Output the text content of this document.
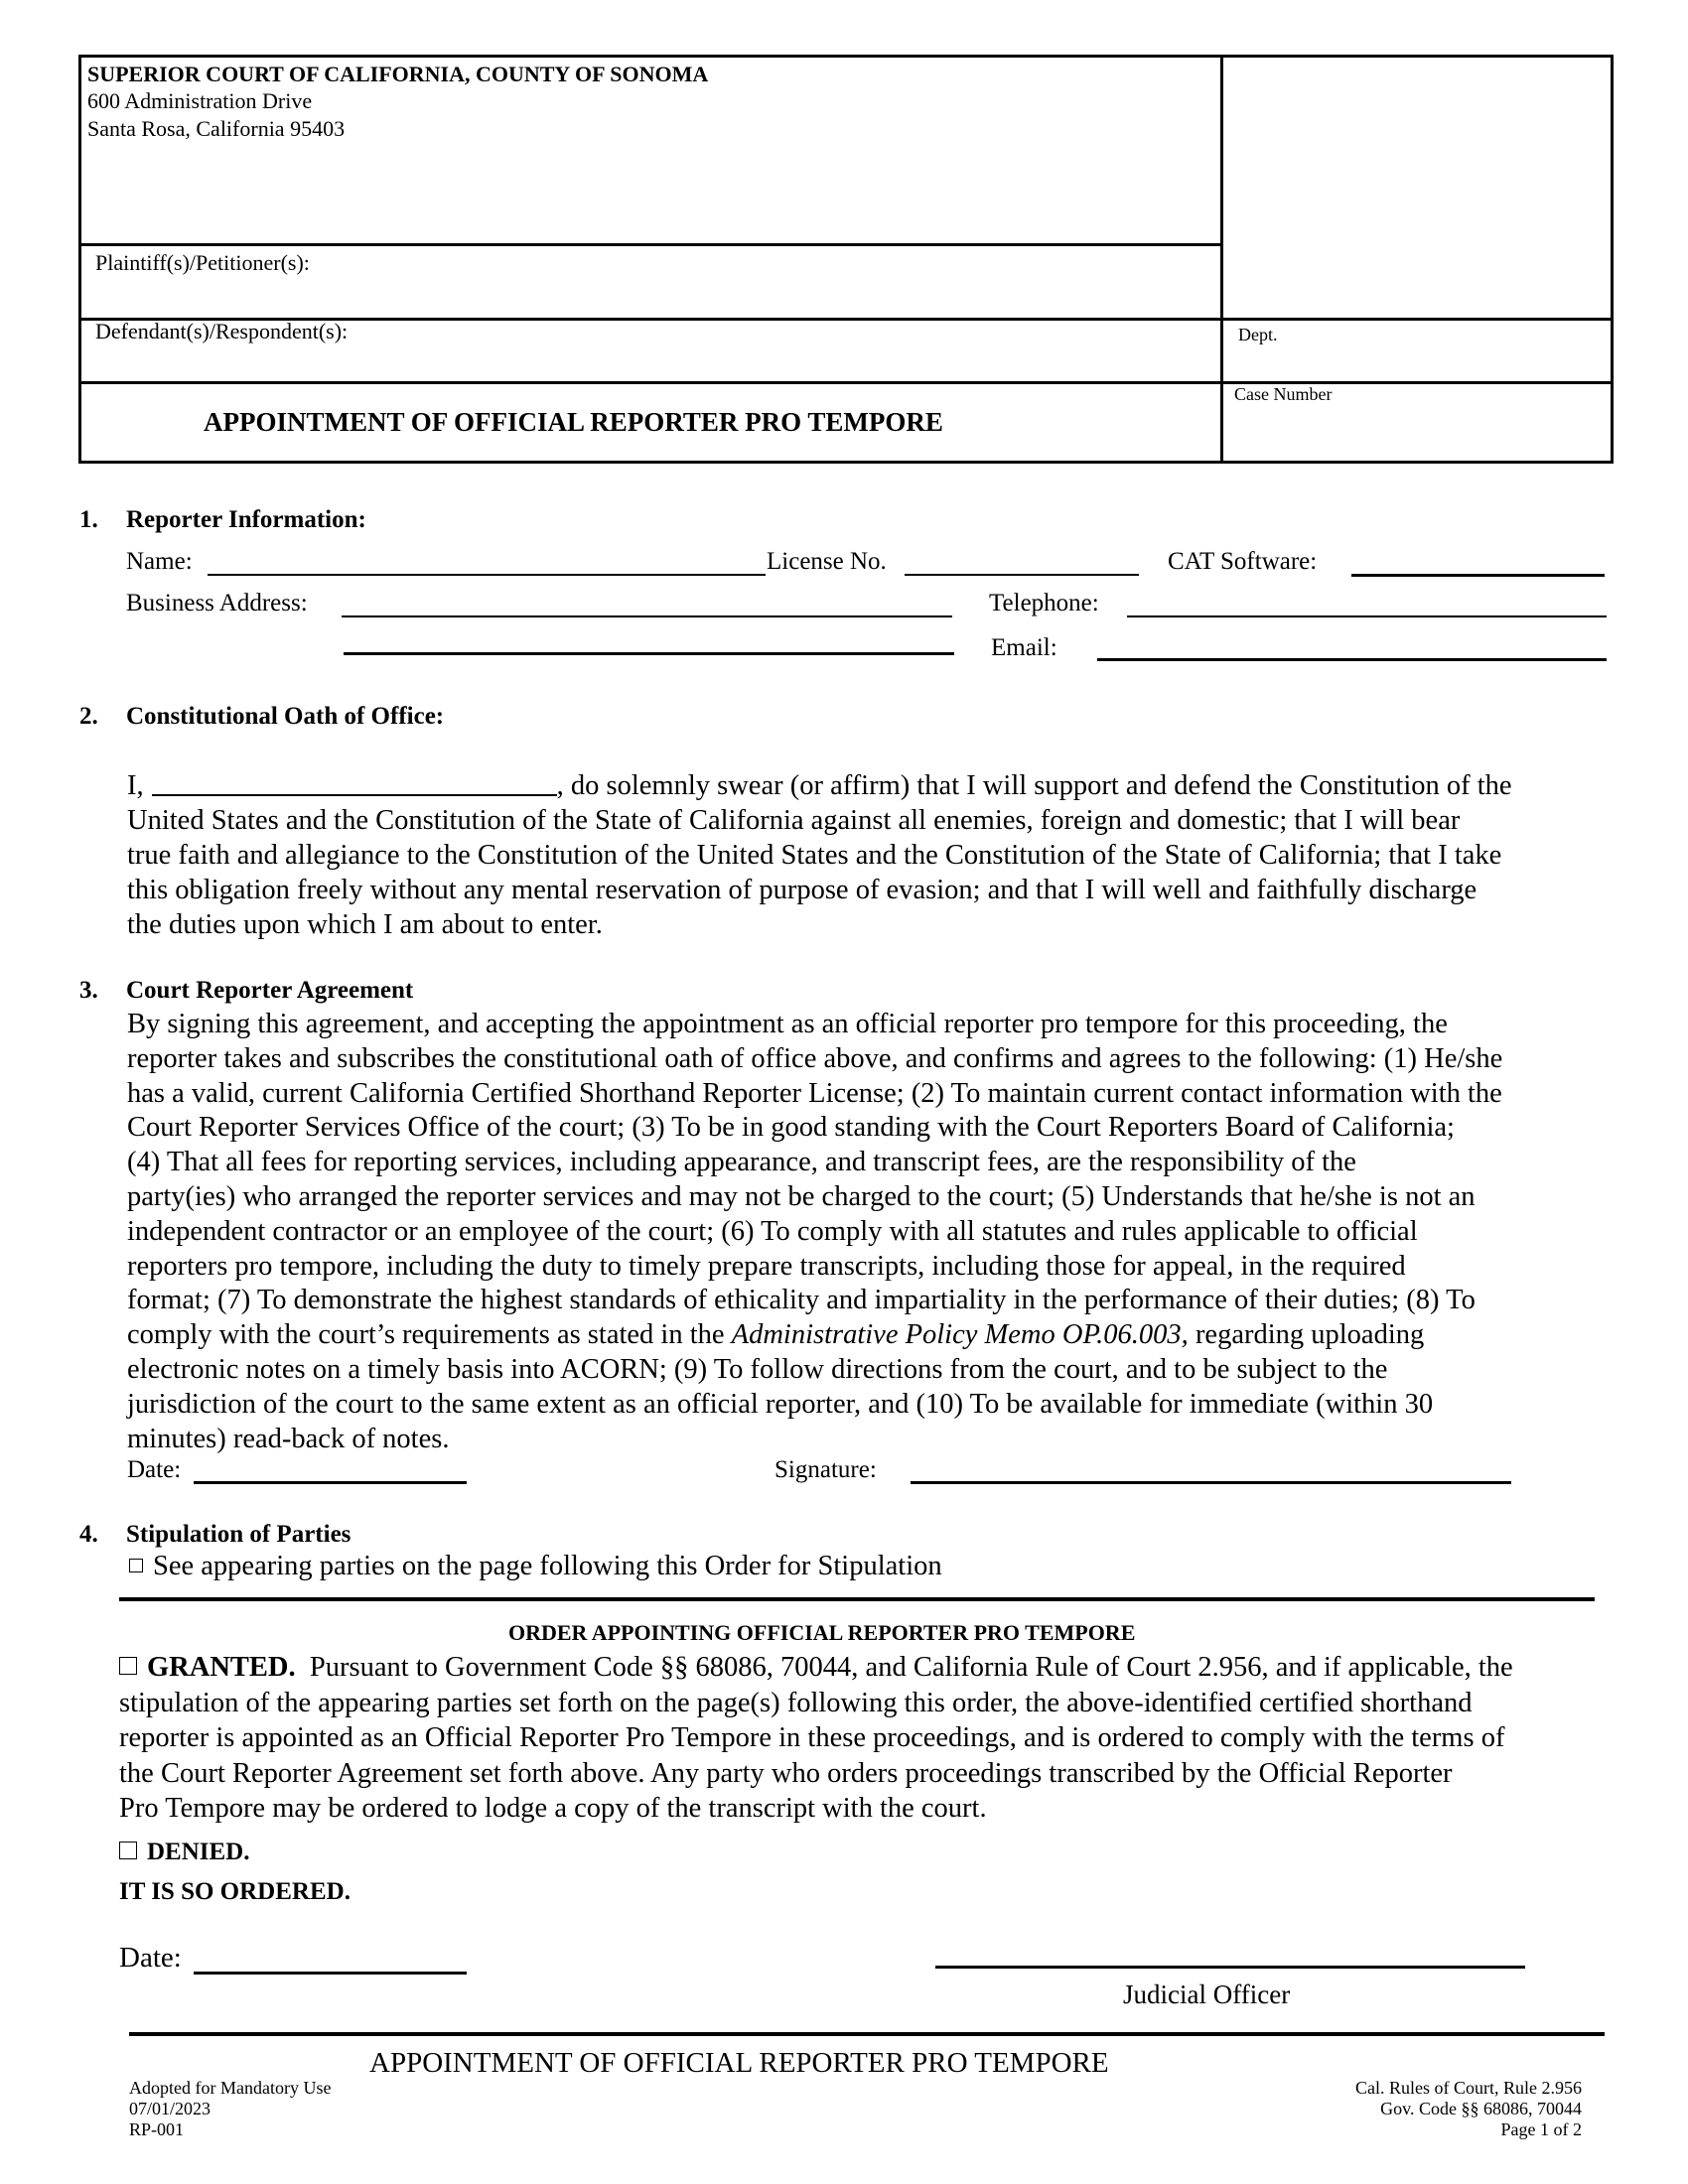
SUPERIOR COURT OF CALIFORNIA, COUNTY OF SONOMA
600 Administration Drive
Santa Rosa, California 95403
Plaintiff(s)/Petitioner(s):
Defendant(s)/Respondent(s):
APPOINTMENT OF OFFICIAL REPORTER PRO TEMPORE
Dept.
Case Number
1. Reporter Information:
Name:	License No.	CAT Software:
Business Address:	Telephone:
Email:
2. Constitutional Oath of Office:
I,	, do solemnly swear (or affirm) that I will support and defend the Constitution of the
United States and the Constitution of the State of California against all enemies, foreign and domestic; that I will bear
true faith and allegiance to the Constitution of the United States and the Constitution of the State of California; that I take
this obligation freely without any mental reservation of purpose of evasion; and that I will well and faithfully discharge
the duties upon which I am about to enter.
3. Court Reporter Agreement
By signing this agreement, and accepting the appointment as an official reporter pro tempore for this proceeding, the
reporter takes and subscribes the constitutional oath of office above, and confirms and agrees to the following: (1) He/she
has a valid, current California Certified Shorthand Reporter License; (2) To maintain current contact information with the
Court Reporter Services Office of the court; (3) To be in good standing with the Court Reporters Board of California;
(4) That all fees for reporting services, including appearance, and transcript fees, are the responsibility of the
party(ies) who arranged the reporter services and may not be charged to the court; (5) Understands that he/she is not an
independent contractor or an employee of the court; (6) To comply with all statutes and rules applicable to official
reporters pro tempore, including the duty to timely prepare transcripts, including those for appeal, in the required
format; (7) To demonstrate the highest standards of ethicality and impartiality in the performance of their duties; (8) To
comply with the court’s requirements as stated in the Administrative Policy Memo OP.06.003, regarding uploading
electronic notes on a timely basis into ACORN; (9) To follow directions from the court, and to be subject to the
jurisdiction of the court to the same extent as an official reporter, and (10) To be available for immediate (within 30
minutes) read-back of notes.
Date:	Signature:
4. Stipulation of Parties
See appearing parties on the page following this Order for Stipulation
ORDER APPOINTING OFFICIAL REPORTER PRO TEMPORE
GRANTED.  Pursuant to Government Code §§ 68086, 70044, and California Rule of Court 2.956, and if applicable, the
stipulation of the appearing parties set forth on the page(s) following this order, the above-identified certified shorthand
reporter is appointed as an Official Reporter Pro Tempore in these proceedings, and is ordered to comply with the terms of
the Court Reporter Agreement set forth above. Any party who orders proceedings transcribed by the Official Reporter
Pro Tempore may be ordered to lodge a copy of the transcript with the court.
DENIED.
IT IS SO ORDERED.
Date:
Judicial Officer
APPOINTMENT OF OFFICIAL REPORTER PRO TEMPORE
Adopted for Mandatory Use
07/01/2023
RP-001
Cal. Rules of Court, Rule 2.956
Gov. Code §§ 68086, 70044
Page 1 of 2
